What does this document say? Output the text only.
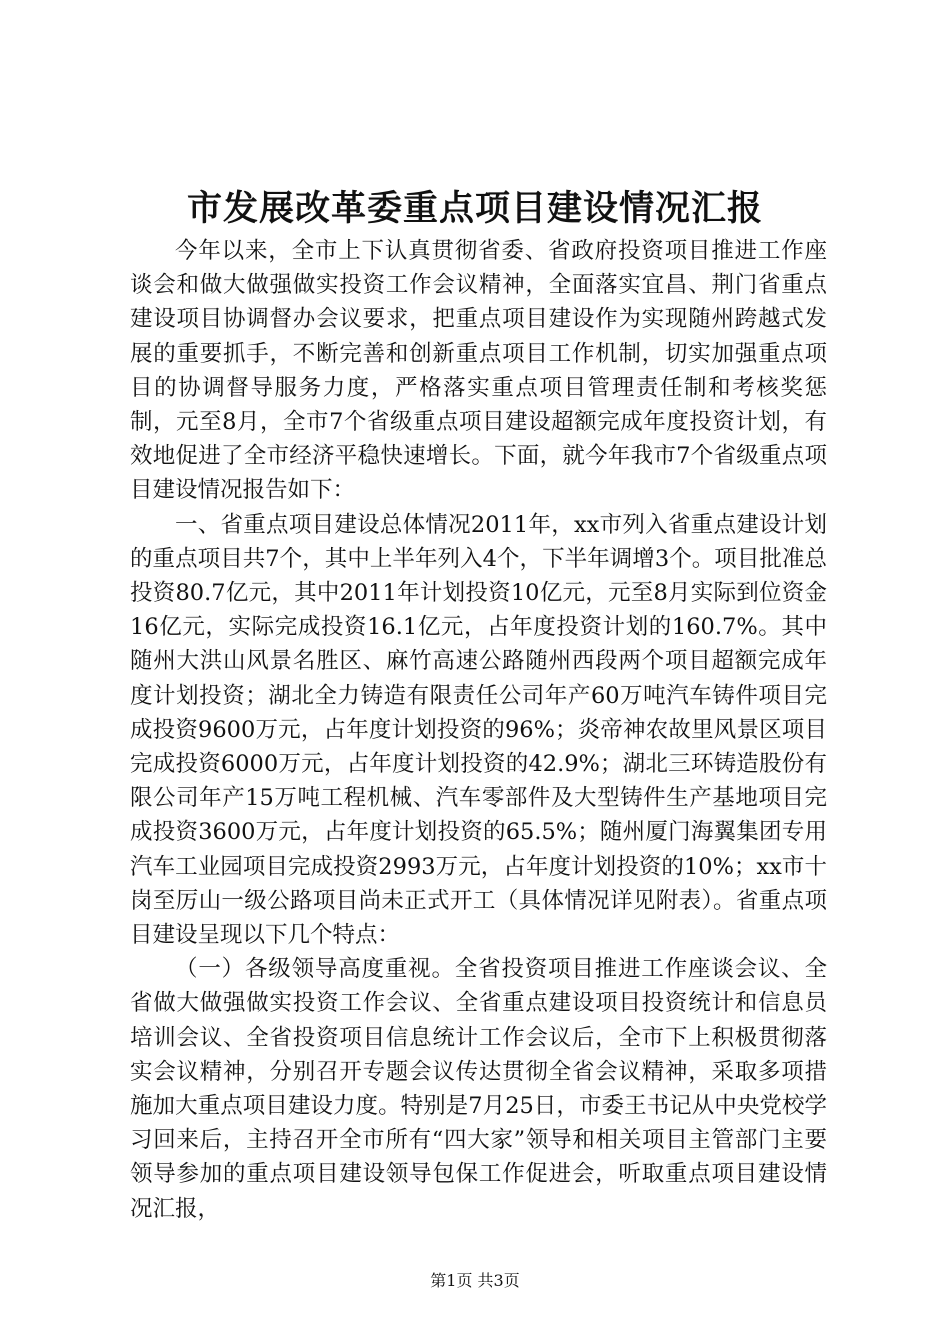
市发展改革委重点项目建设情况汇报

今年以来，全市上下认真贯彻省委、省政府投资项目推进工作座谈会和做大做强做实投资工作会议精神，全面落实宜昌、荆门省重点建设项目协调督办会议要求，把重点项目建设作为实现随州跨越式发展的重要抓手，不断完善和创新重点项目工作机制，切实加强重点项目的协调督导服务力度，严格落实重点项目管理责任制和考核奖惩制，元至8月，全市7个省级重点项目建设超额完成年度投资计划，有效地促进了全市经济平稳快速增长。下面，就今年我市7个省级重点项目建设情况报告如下：

一、省重点项目建设总体情况2011年，xx市列入省重点建设计划的重点项目共7个，其中上半年列入4个，下半年调增3个。项目批准总投资80.7亿元，其中2011年计划投资10亿元，元至8月实际到位资金16亿元，实际完成投资16.1亿元，占年度投资计划的160.7%。其中随州大洪山风景名胜区、麻竹高速公路随州西段两个项目超额完成年度计划投资；湖北全力铸造有限责任公司年产60万吨汽车铸件项目完成投资9600万元，占年度计划投资的96%；炎帝神农故里风景区项目完成投资6000万元，占年度计划投资的42.9%；湖北三环铸造股份有限公司年产15万吨工程机械、汽车零部件及大型铸件生产基地项目完成投资3600万元，占年度计划投资的65.5%；随州厦门海翼集团专用汽车工业园项目完成投资2993万元，占年度计划投资的10%；xx市十岗至厉山一级公路项目尚未正式开工（具体情况详见附表）。省重点项目建设呈现以下几个特点：

（一）各级领导高度重视。全省投资项目推进工作座谈会议、全省做大做强做实投资工作会议、全省重点建设项目投资统计和信息员培训会议、全省投资项目信息统计工作会议后，全市下上积极贯彻落实会议精神，分别召开专题会议传达贯彻全省会议精神，采取多项措施加大重点项目建设力度。特别是7月25日，市委王书记从中央党校学习回来后，主持召开全市所有“四大家”领导和相关项目主管部门主要领导参加的重点项目建设领导包保工作促进会，听取重点项目建设情况汇报，

第1页 共3页
